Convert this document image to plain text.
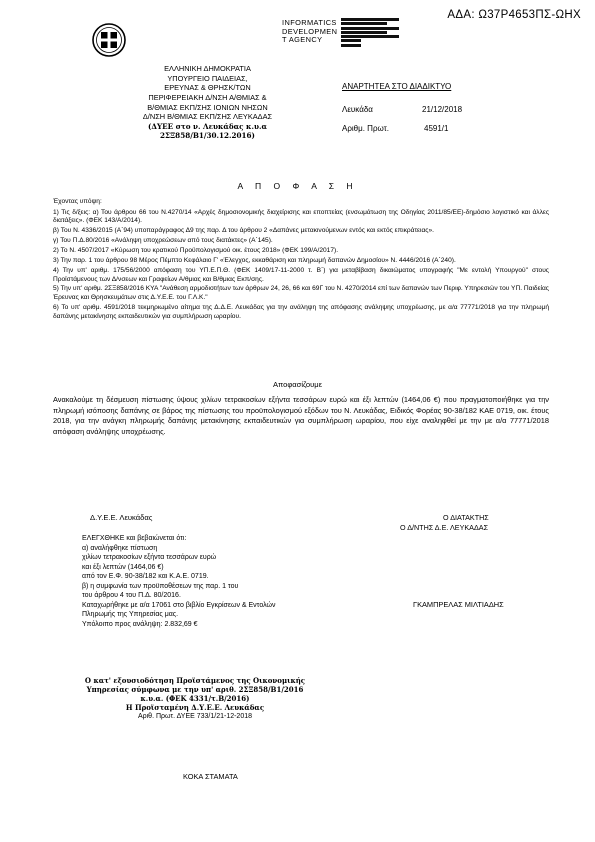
ΑΔΑ: Ω37Ρ4653ΠΣ-ΩΗΧ
INFORMATICS
DEVELOPMEN
T AGENCY
ΕΛΛΗΝΙΚΗ ΔΗΜΟΚΡΑΤΙΑ
ΥΠΟΥΡΓΕΙΟ ΠΑΙΔΕΙΑΣ,
ΕΡΕΥΝΑΣ & ΘΡΗΣΚ/ΤΩΝ
ΠΕΡΙΦΕΡΕΙΑΚΗ Δ/ΝΣΗ Α/ΘΜΙΑΣ &
Β/ΘΜΙΑΣ ΕΚΠ/ΣΗΣ ΙΟΝΙΩΝ ΝΗΣΩΝ
Δ/ΝΣΗ Β/ΘΜΙΑΣ ΕΚΠ/ΣΗΣ ΛΕΥΚΑΔΑΣ
(ΔΥΕΕ στο ν. Λευκάδας κ.υ.α
2ΣΞ858/Β1/30.12.2016)
ΑΝΑΡΤΗΤΕΑ ΣΤΟ ΔΙΑΔΙΚΤΥΟ
Λευκάδα	21/12/2018
Αριθμ. Πρωτ.	4591/1
Α Π Ο Φ Α Σ Η

Έχοντας υπόψη:

1) Τις δ/ξεις: α) Του άρθρου 66 του Ν.4270/14 «Αρχές δημοσιονομικής διαχείρισης και εποπτείας (ενσωμάτωση της Οδηγίας 2011/85/ΕΕ)-δημόσιο λογιστικό και άλλες διατάξεις». (ΦΕΚ 143/Α/2014).

β) Του Ν. 4336/2015 (Α΄94) υποπαράγραφος Δ9 της παρ. Δ του άρθρου 2 «Δαπάνες μετακινούμενων εντός και εκτός επικράτειας».

γ) Του Π.Δ.80/2016 «Ανάληψη υποχρεώσεων από τους διατάκτες» (Α΄145).

2) Το Ν. 4507/2017 «Κύρωση του κρατικού Προϋπολογισμού οικ. έτους 2018» (ΦΕΚ 199/Α/2017).

3) Την παρ. 1 του άρθρου 98 Μέρος Πέμπτο Κεφάλαιο Γ' «Έλεγχος, εκκαθάριση και πληρωμή δαπανών Δημοσίου» Ν. 4446/2016 (Α΄240).

4) Την υπ' αριθμ. 175/56/2000 απόφαση του ΥΠ.Ε.Π.Θ. (ΦΕΚ 1409/17-11-2000 τ. Β΄) για μεταβίβαση δικαιώματος υπογραφής "Με εντολή Υπουργού" στους Προϊστάμενους των Δ/νσεων και Γραφείων Α/θμιας και Β/θμιας Εκπ/σης.

5) Την υπ' αριθμ. 2ΣΞ858/2016 ΚΥΑ "Ανάθεση αρμοδιοτήτων των άρθρων 24, 26, 66 και 69Γ του Ν. 4270/2014 επί των δαπανών των Περιφ. Υπηρεσιών του ΥΠ. Παιδείας Έρευνας και Θρησκευμάτων στις Δ.Υ.Ε.Ε. του Γ.Λ.Κ."

6) Το υπ' αριθμ. 4591/2018 τεκμηριωμένο αίτημα της Δ.Δ.Ε. Λευκάδας για την ανάληψη της απόφασης ανάληψης υποχρέωσης, με α/α 77771/2018 για την πληρωμή δαπάνης μετακίνησης εκπαιδευτικών για συμπλήρωση ωραρίου.

Αποφασίζουμε
Ανακαλούμε τη δέσμευση πίστωσης ύψους χιλίων τετρακοσίων εξήντα τεσσάρων ευρώ και έξι λεπτών (1464,06 €) που πραγματοποιήθηκε για την πληρωμή ισόποσης δαπάνης σε βάρος της πίστωσης του προϋπολογισμού εξόδων του Ν. Λευκάδας, Ειδικός Φορέας 90-38/182 ΚΑΕ 0719, οικ. έτους 2018, για την ανάγκη πληρωμής δαπάνης μετακίνησης εκπαιδευτικών για συμπλήρωση ωραρίου, που είχε αναληφθεί με την με α/α 77771/2018 απόφαση ανάληψης υποχρέωσης.
Δ.Υ.Ε.Ε. Λευκάδας	Ο ΔΙΑΤΑΚΤΗΣ
Ο Δ/ΝΤΗΣ Δ.Ε. ΛΕΥΚΑΔΑΣ

ΕΛΕΓΧΘΗΚΕ και βεβαιώνεται ότι:

α) αναλήφθηκε πίστωση

χιλίων τετρακοσίων εξήντα τεσσάρων ευρώ

και έξι λεπτών (1464,06 €)

από τον Ε.Φ. 90-38/182 και Κ.Α.Ε. 0719.

β) η συμφωνία των προϋποθέσεων της παρ. 1 του

του άρθρου 4 του Π.Δ. 80/2016.

Καταχωρήθηκε με α/α 17061 στο βιβλίο Εγκρίσεων & Εντολών

Πληρωμής της Υπηρεσίας μας.

Υπόλοιπο προς ανάληψη: 2.832,69 €

ΓΚΑΜΠΡΕΛΑΣ ΜΙΛΤΙΑΔΗΣ
Ο κατ' εξουσιοδότηση Προϊστάμενος της Οικονομικής
Υπηρεσίας σύμφωνα με την υπ' αριθ. 2ΣΞ858/Β1/2016
κ.υ.α. (ΦΕΚ 4331/τ.Β/2016)
Η Προϊσταμένη Δ.Υ.Ε.Ε. Λευκάδας
Αριθ. Πρωτ. ΔΥΕΕ 733/1/21-12-2018
ΚΟΚΑ ΣΤΑΜΑΤΑ
